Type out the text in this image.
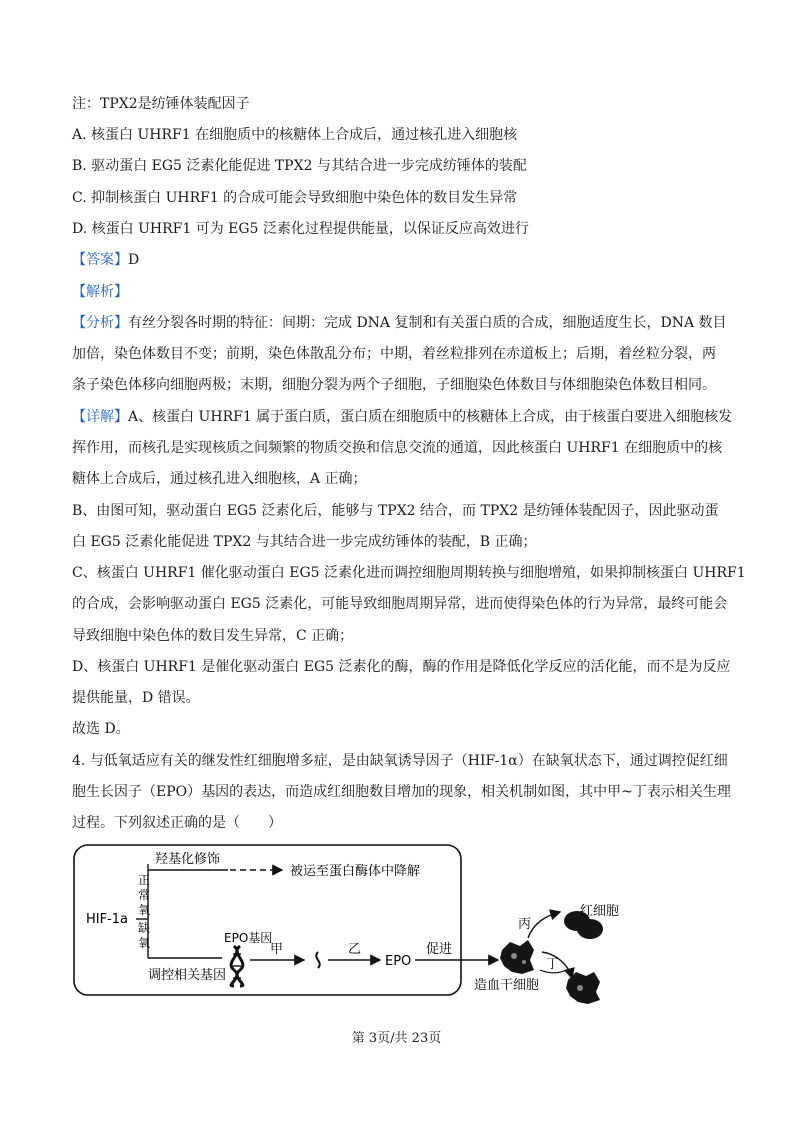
注：TPX2是纺锤体装配因子
A. 核蛋白 UHRF1 在细胞质中的核糖体上合成后，通过核孔进入细胞核
B. 驱动蛋白 EG5 泛素化能促进 TPX2 与其结合进一步完成纺锤体的装配
C. 抑制核蛋白 UHRF1 的合成可能会导致细胞中染色体的数目发生异常
D. 核蛋白 UHRF1 可为 EG5 泛素化过程提供能量，以保证反应高效进行
【答案】D
【解析】
【分析】有丝分裂各时期的特征：间期：完成 DNA 复制和有关蛋白质的合成，细胞适度生长，DNA 数目
加倍，染色体数目不变；前期，染色体散乱分布；中期，着丝粒排列在赤道板上；后期，着丝粒分裂，两
条子染色体移向细胞两极；末期，细胞分裂为两个子细胞，子细胞染色体数目与体细胞染色体数目相同。
【详解】A、核蛋白 UHRF1 属于蛋白质，蛋白质在细胞质中的核糖体上合成，由于核蛋白要进入细胞核发
挥作用，而核孔是实现核质之间频繁的物质交换和信息交流的通道，因此核蛋白 UHRF1 在细胞质中的核
糖体上合成后，通过核孔进入细胞核，A 正确；
B、由图可知，驱动蛋白 EG5 泛素化后，能够与 TPX2 结合，而 TPX2 是纺锤体装配因子，因此驱动蛋
白 EG5 泛素化能促进 TPX2 与其结合进一步完成纺锤体的装配，B 正确；
C、核蛋白 UHRF1 催化驱动蛋白 EG5 泛素化进而调控细胞周期转换与细胞增殖，如果抑制核蛋白 UHRF1
的合成，会影响驱动蛋白 EG5 泛素化，可能导致细胞周期异常，进而使得染色体的行为异常，最终可能会
导致细胞中染色体的数目发生异常，C 正确；
D、核蛋白 UHRF1 是催化驱动蛋白 EG5 泛素化的酶，酶的作用是降低化学反应的活化能，而不是为反应
提供能量，D 错误。
故选 D。
4. 与低氧适应有关的继发性红细胞增多症，是由缺氧诱导因子（HIF-1α）在缺氧状态下，通过调控促红细
胞生长因子（EPO）基因的表达，而造成红细胞数目增加的现象，相关机制如图，其中甲~丁表示相关生理
过程。下列叙述正确的是（　　）
HIF-1a
正
常
氧
缺
氧
羟基化修饰
被运至蛋白酶体中降解
调控相关基因
EPO基因
甲	乙
EPO
促进
造血干细胞
丙
红细胞
丁
第 3页/共 23页
